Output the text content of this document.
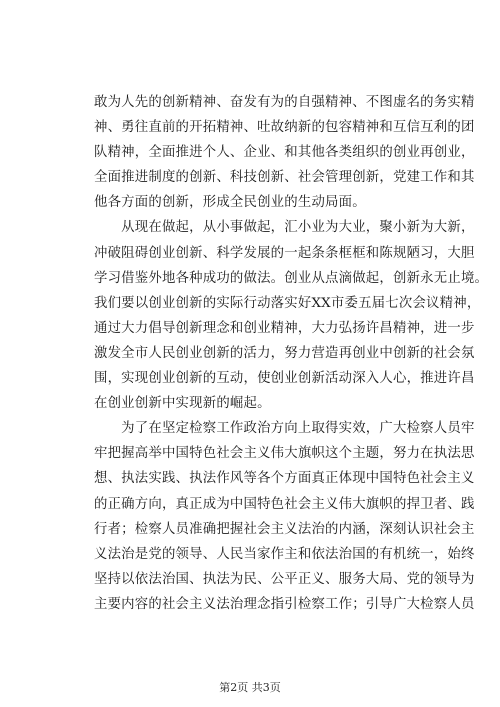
敢为人先的创新精神、奋发有为的自强精神、不图虚名的务实精
神、勇往直前的开拓精神、吐故纳新的包容精神和互信互利的团
队精神，全面推进个人、企业、和其他各类组织的创业再创业，
全面推进制度的创新、科技创新、社会管理创新，党建工作和其
他各方面的创新，形成全民创业的生动局面。
　　从现在做起，从小事做起，汇小业为大业，聚小新为大新，
冲破阻碍创业创新、科学发展的一起条条框框和陈规陋习，大胆
学习借鉴外地各种成功的做法。创业从点滴做起，创新永无止境。
我们要以创业创新的实际行动落实好XX市委五届七次会议精神，
通过大力倡导创新理念和创业精神，大力弘扬许昌精神，进一步
激发全市人民创业创新的活力，努力营造再创业中创新的社会氛
围，实现创业创新的互动，使创业创新活动深入人心，推进许昌
在创业创新中实现新的崛起。
　　为了在坚定检察工作政治方向上取得实效，广大检察人员牢
牢把握高举中国特色社会主义伟大旗帜这个主题，努力在执法思
想、执法实践、执法作风等各个方面真正体现中国特色社会主义
的正确方向，真正成为中国特色社会主义伟大旗帜的捍卫者、践
行者；检察人员准确把握社会主义法治的内涵，深刻认识社会主
义法治是党的领导、人民当家作主和依法治国的有机统一，始终
坚持以依法治国、执法为民、公平正义、服务大局、党的领导为
主要内容的社会主义法治理念指引检察工作；引导广大检察人员
第2页 共3页
